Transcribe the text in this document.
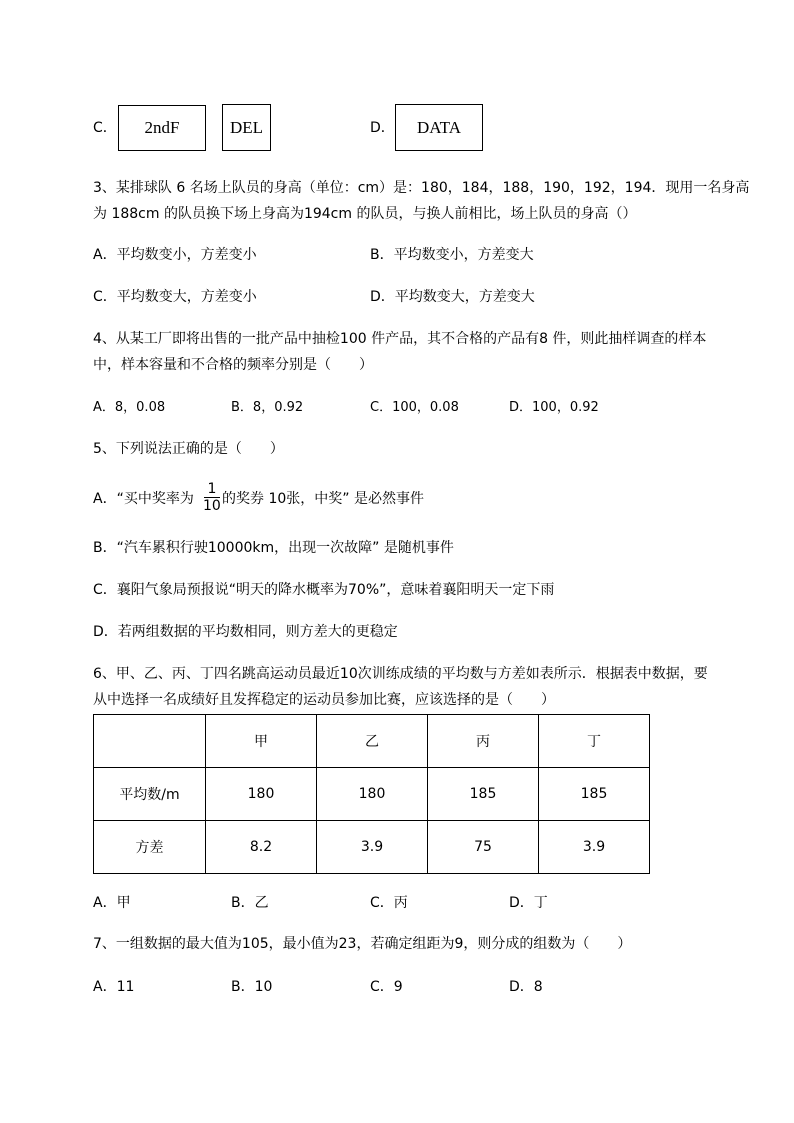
C．	2ndF	DEL	D．	DATA
3、某排球队 6 名场上队员的身高（单位：cm）是：180，184，188，190，192，194．现用一名身高
为 188cm 的队员换下场上身高为194cm 的队员，与换人前相比，场上队员的身高（）
A．平均数变小，方差变小	B．平均数变小，方差变大
C．平均数变大，方差变小	D．平均数变大，方差变大
4、从某工厂即将出售的一批产品中抽检100 件产品，其不合格的产品有8 件，则此抽样调查的样本
中，样本容量和不合格的频率分别是（　　）
A．8，0.08	B．8，0.92	C．100，0.08	D．100，0.92
5、下列说法正确的是（　　）
A．“买中奖率为
1
10 的奖券 10张，中奖” 是必然事件
B．“汽车累积行驶10000km，出现一次故障” 是随机事件
C．襄阳气象局预报说“明天的降水概率为70%”，意味着襄阳明天一定下雨
D．若两组数据的平均数相同，则方差大的更稳定
6、甲、乙、丙、丁四名跳高运动员最近10次训练成绩的平均数与方差如表所示．根据表中数据，要
从中选择一名成绩好且发挥稳定的运动员参加比赛，应该选择的是（　　）
	甲	乙	丙	丁
平均数/m	180	180	185	185
方差	8.2	3.9	75	3.9
A．甲	B．乙	C．丙	D．丁
7、一组数据的最大值为105，最小值为23，若确定组距为9，则分成的组数为（　　）
A．11	B．10	C．9	D．8
